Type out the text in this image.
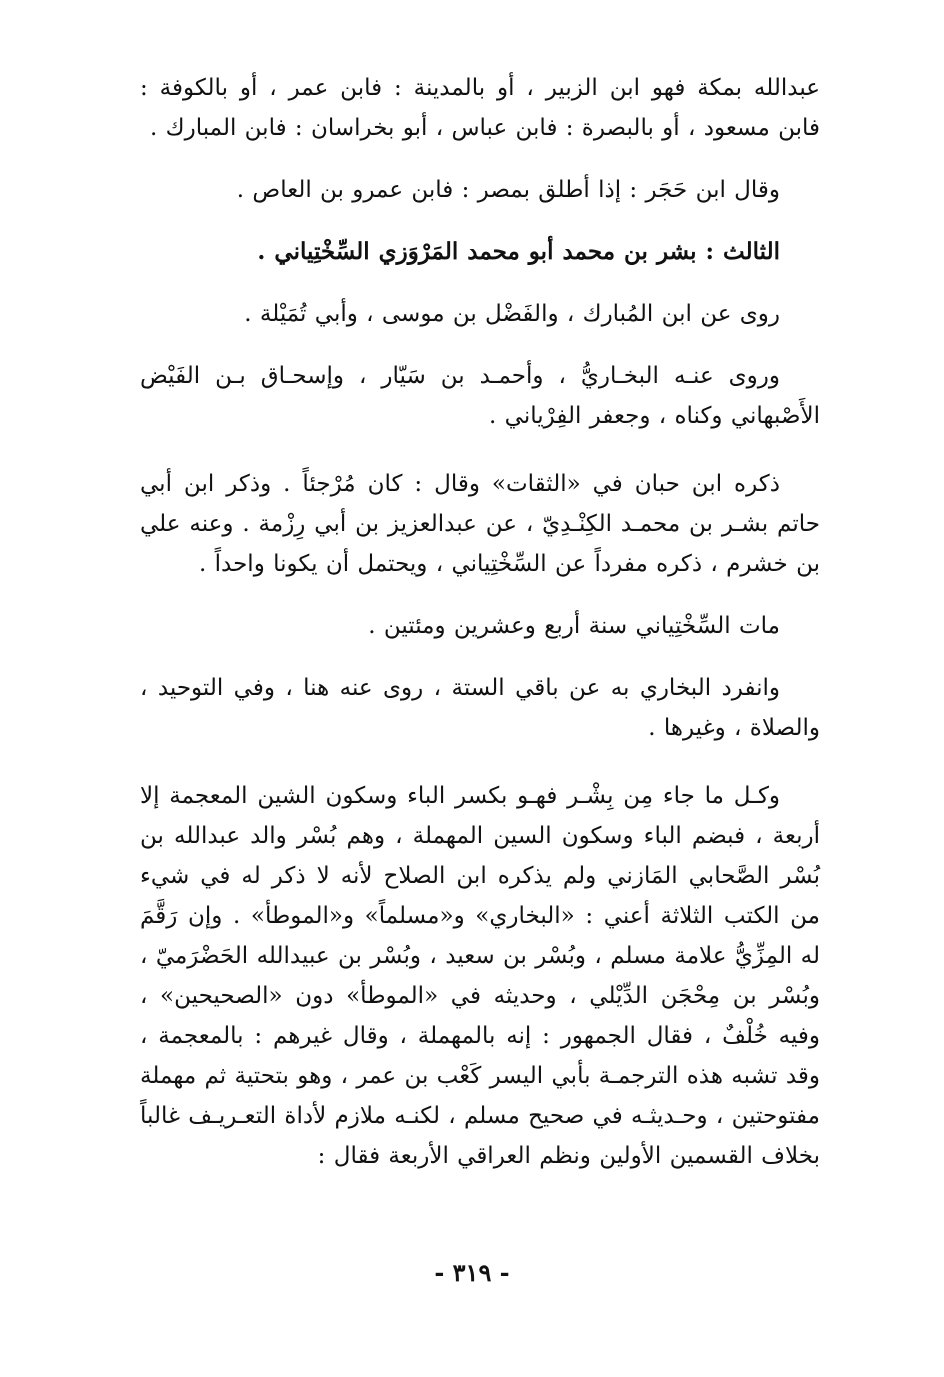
عبدالله بمكة فهو ابن الزبير ، أو بالمدينة : فابن عمر ، أو بالكوفة : فابن مسعود ، أو بالبصرة : فابن عباس ، أبو بخراسان : فابن المبارك .

وقال ابن حَجَر : إذا أطلق بمصر : فابن عمرو بن العاص .

الثالث : بشر بن محمد أبو محمد المَرْوَزي السِّخْتِياني .

روى عن ابن المُبارك ، والفَضْل بن موسى ، وأبي تُمَيْلة .

وروى عنـه البخـاريُّ ، وأحمـد بن سَيّار ، وإسحـاق بـن الفَيْض الأَصْبهاني وكناه ، وجعفر الفِرْياني .

ذكره ابن حبان في «الثقات» وقال : كان مُرْجئاً . وذكر ابن أبي حاتم بشـر بن محمـد الكِنْـدِيّ ، عن عبدالعزيز بن أبي رِزْمة . وعنه علي بن خشرم ، ذكره مفرداً عن السِّخْتِياني ، ويحتمل أن يكونا واحداً .

مات السِّخْتِياني سنة أربع وعشرين ومئتين .

وانفرد البخاري به عن باقي الستة ، روى عنه هنا ، وفي التوحيد ، والصلاة ، وغيرها .

وكـل ما جاء مِن بِشْـر فهـو بكسر الباء وسكون الشين المعجمة إلا أربعة ، فبضم الباء وسكون السين المهملة ، وهم بُسْر والد عبدالله بن بُسْر الصَّحابي المَازني ولم يذكره ابن الصلاح لأنه لا ذكر له في شيء من الكتب الثلاثة أعني : «البخاري» و«مسلماً» و«الموطأ» . وإن رَقَّمَ له المِزِّيُّ علامة مسلم ، وبُسْر بن سعيد ، وبُسْر بن عبيدالله الحَضْرَميّ ، وبُسْر بن مِحْجَن الدِّيْلي ، وحديثه في «الموطأ» دون «الصحيحين» ، وفيه خُلْفٌ ، فقال الجمهور : إنه بالمهملة ، وقال غيرهم : بالمعجمة ، وقد تشبه هذه الترجمـة بأبي اليسر كَعْب بن عمر ، وهو بتحتية ثم مهملة مفتوحتين ، وحـديثـه في صحيح مسلم ، لكنـه ملازم لأداة التعـريـف غالباً بخلاف القسمين الأولين ونظم العراقي الأربعة فقال :

- ٣١٩ -
